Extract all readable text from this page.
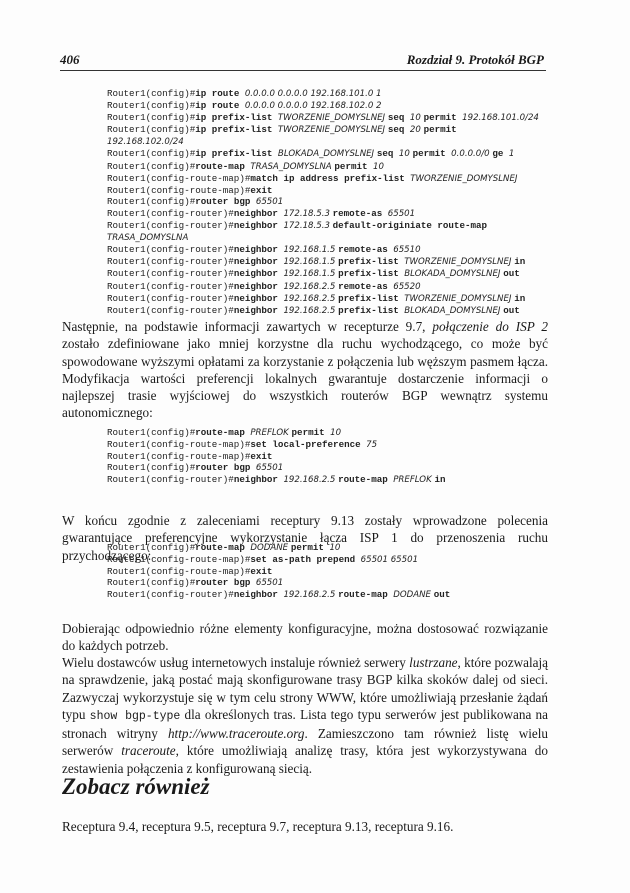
406	Rozdział 9. Protokół BGP
Router1(config)#ip route 0.0.0.0 0.0.0.0 192.168.101.0 1
Router1(config)#ip route 0.0.0.0 0.0.0.0 192.168.102.0 2
Router1(config)#ip prefix-list TWORZENIE_DOMYSLNEJ seq 10 permit 192.168.101.0/24
Router1(config)#ip prefix-list TWORZENIE_DOMYSLNEJ seq 20 permit
192.168.102.0/24
Router1(config)#ip prefix-list BLOKADA_DOMYSLNEJ seq 10 permit 0.0.0.0/0 ge 1
Router1(config)#route-map TRASA_DOMYSLNA permit 10
Router1(config-route-map)#match ip address prefix-list TWORZENIE_DOMYSLNEJ
Router1(config-route-map)#exit
Router1(config)#router bgp 65501
Router1(config-router)#neighbor 172.18.5.3 remote-as 65501
Router1(config-router)#neighbor 172.18.5.3 default-originiate route-map
TRASA_DOMYSLNA
Router1(config-router)#neighbor 192.168.1.5 remote-as 65510
Router1(config-router)#neighbor 192.168.1.5 prefix-list TWORZENIE_DOMYSLNEJ in
Router1(config-router)#neighbor 192.168.1.5 prefix-list BLOKADA_DOMYSLNEJ out
Router1(config-router)#neighbor 192.168.2.5 remote-as 65520
Router1(config-router)#neighbor 192.168.2.5 prefix-list TWORZENIE_DOMYSLNEJ in
Router1(config-router)#neighbor 192.168.2.5 prefix-list BLOKADA_DOMYSLNEJ out
Następnie, na podstawie informacji zawartych w recepturze 9.7, połączenie do ISP 2 zostało zdefiniowane jako mniej korzystne dla ruchu wychodzącego, co może być spowodowane wyższymi opłatami za korzystanie z połączenia lub węższym pasmem łącza. Modyfikacja wartości preferencji lokalnych gwarantuje dostarczenie informacji o najlepszej trasie wyjściowej do wszystkich routerów BGP wewnątrz systemu autonomicznego:
Router1(config)#route-map PREFLOK permit 10
Router1(config-route-map)#set local-preference 75
Router1(config-route-map)#exit
Router1(config)#router bgp 65501
Router1(config-router)#neighbor 192.168.2.5 route-map PREFLOK in
W końcu zgodnie z zaleceniami receptury 9.13 zostały wprowadzone polecenia gwarantujące preferencyjne wykorzystanie łącza ISP 1 do przenoszenia ruchu przychodzącego:
Router1(config)#route-map DODANE permit 10
Router1(config-route-map)#set as-path prepend 65501 65501
Router1(config-route-map)#exit
Router1(config)#router bgp 65501
Router1(config-router)#neighbor 192.168.2.5 route-map DODANE out
Dobierając odpowiednio różne elementy konfiguracyjne, można dostosować rozwiązanie do każdych potrzeb.
Wielu dostawców usług internetowych instaluje również serwery lustrzane, które pozwalają na sprawdzenie, jaką postać mają skonfigurowane trasy BGP kilka skoków dalej od sieci. Zazwyczaj wykorzystuje się w tym celu strony WWW, które umożliwiają przesłanie żądań typu show bgp-type dla określonych tras. Lista tego typu serwerów jest publikowana na stronach witryny http://www.traceroute.org. Zamieszczono tam również listę wielu serwerów traceroute, które umożliwiają analizę trasy, która jest wykorzystywana do zestawienia połączenia z konfigurowaną siecią.
Zobacz również
Receptura 9.4, receptura 9.5, receptura 9.7, receptura 9.13, receptura 9.16.
